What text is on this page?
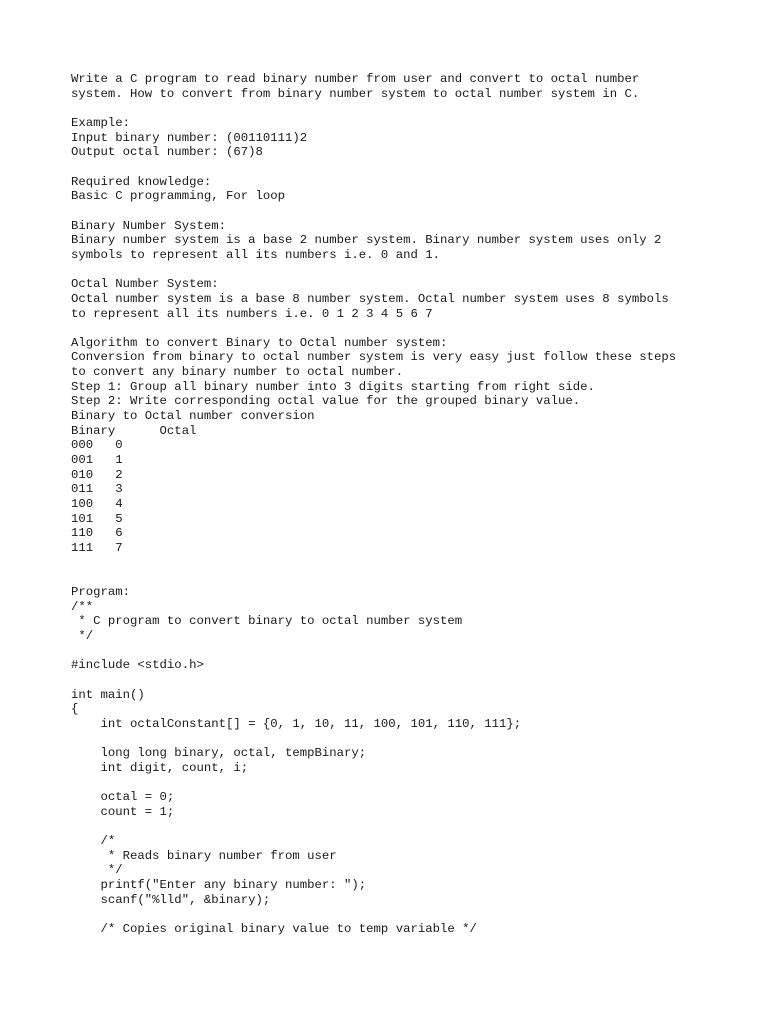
Write a C program to read binary number from user and convert to octal number
system. How to convert from binary number system to octal number system in C.
Example:
Input binary number: (00110111)2
Output octal number: (67)8
Required knowledge:
Basic C programming, For loop
Binary Number System:
Binary number system is a base 2 number system. Binary number system uses only 2
symbols to represent all its numbers i.e. 0 and 1.
Octal Number System:
Octal number system is a base 8 number system. Octal number system uses 8 symbols
to represent all its numbers i.e. 0 1 2 3 4 5 6 7
Algorithm to convert Binary to Octal number system:
Conversion from binary to octal number system is very easy just follow these steps
to convert any binary number to octal number.
Step 1: Group all binary number into 3 digits starting from right side.
Step 2: Write corresponding octal value for the grouped binary value.
Binary to Octal number conversion
Binary      Octal
000   0
001   1
010   2
011   3
100   4
101   5
110   6
111   7
Program:
/**
* C program to convert binary to octal number system
*/
#include <stdio.h>
int main()
{
int octalConstant[] = {0, 1, 10, 11, 100, 101, 110, 111};
long long binary, octal, tempBinary;
int digit, count, i;
octal = 0;
count = 1;
/*
* Reads binary number from user
*/
printf("Enter any binary number: ");
scanf("%lld", &binary);
/* Copies original binary value to temp variable */
